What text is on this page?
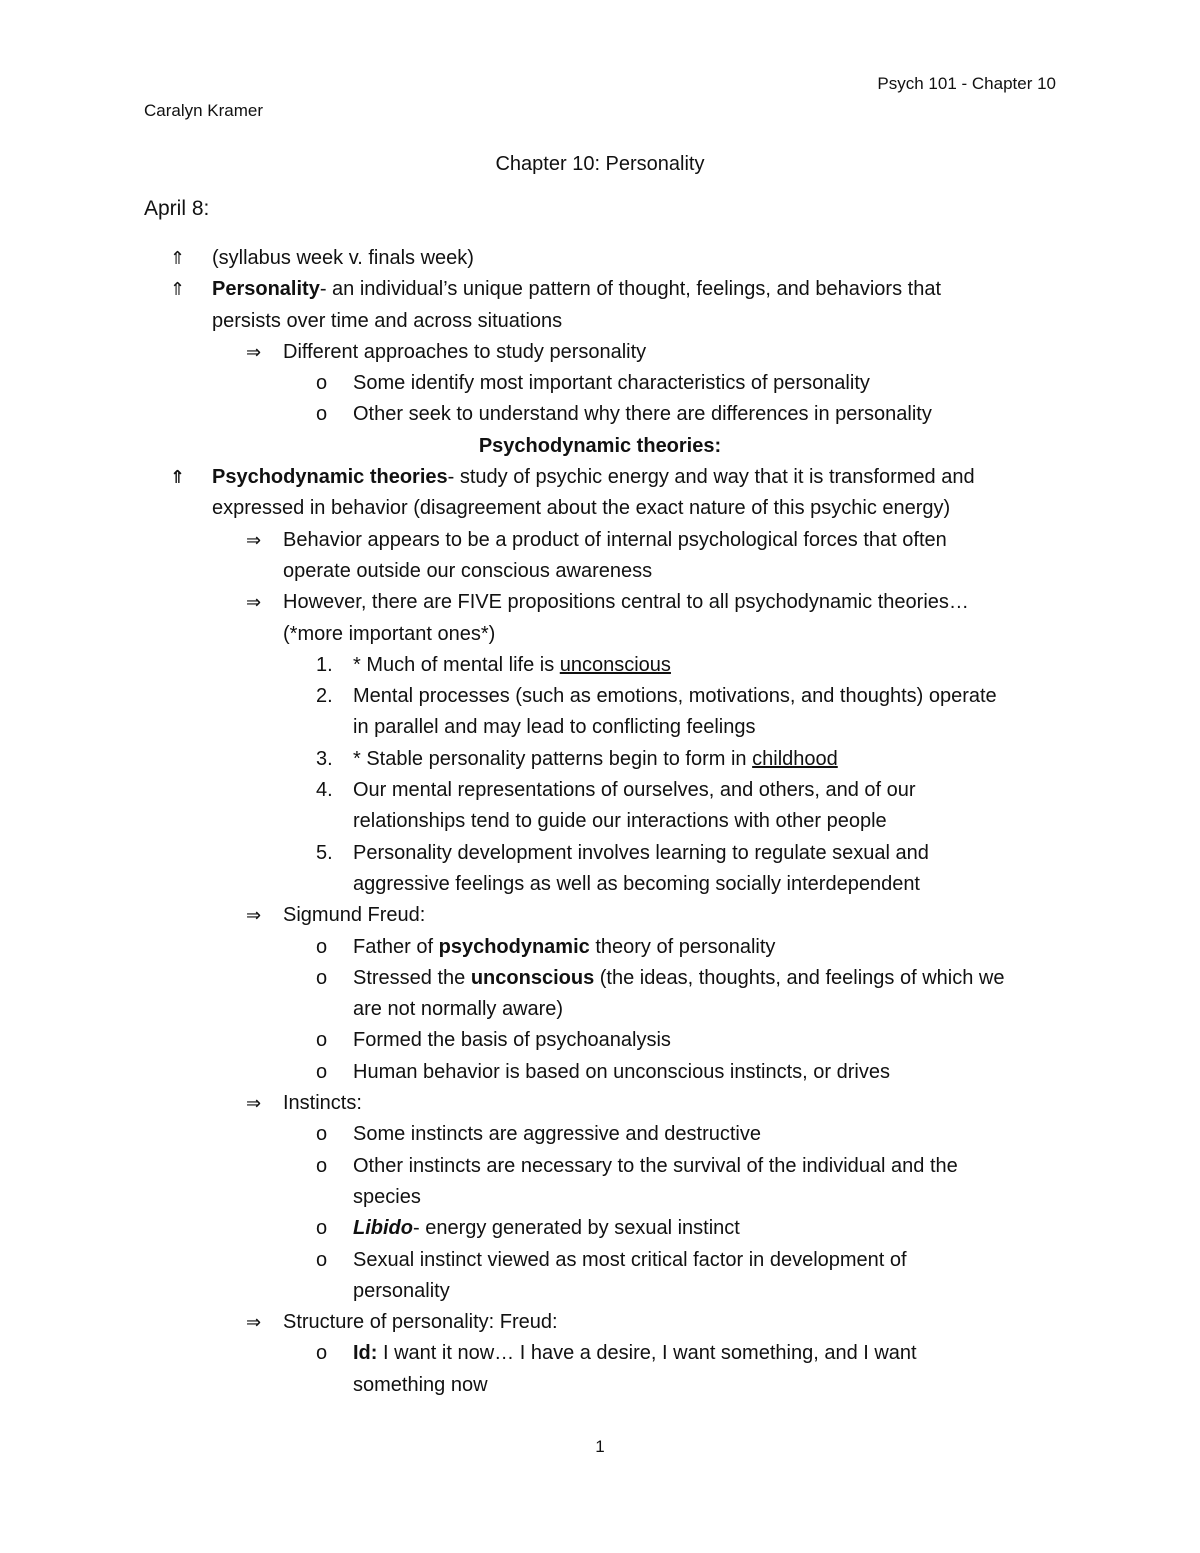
Psych 101 - Chapter 10
Caralyn Kramer
Chapter 10: Personality
April 8:
⇑ (syllabus week v. finals week)
⇑ Personality- an individual’s unique pattern of thought, feelings, and behaviors that
persists over time and across situations
⇒ Different approaches to study personality
o Some identify most important characteristics of personality
o Other seek to understand why there are differences in personality
Psychodynamic theories:
⇑ Psychodynamic theories- study of psychic energy and way that it is transformed and
expressed in behavior (disagreement about the exact nature of this psychic energy)
⇒ Behavior appears to be a product of internal psychological forces that often
operate outside our conscious awareness
⇒ However, there are FIVE propositions central to all psychodynamic theories…
(*more important ones*)
1. * Much of mental life is unconscious
2. Mental processes (such as emotions, motivations, and thoughts) operate
in parallel and may lead to conflicting feelings
3. * Stable personality patterns begin to form in childhood
4. Our mental representations of ourselves, and others, and of our
relationships tend to guide our interactions with other people
5. Personality development involves learning to regulate sexual and
aggressive feelings as well as becoming socially interdependent
⇒ Sigmund Freud:
o Father of psychodynamic theory of personality
o Stressed the unconscious (the ideas, thoughts, and feelings of which we
are not normally aware)
o Formed the basis of psychoanalysis
o Human behavior is based on unconscious instincts, or drives
⇒ Instincts:
o Some instincts are aggressive and destructive
o Other instincts are necessary to the survival of the individual and the
species
o Libido- energy generated by sexual instinct
o Sexual instinct viewed as most critical factor in development of
personality
⇒ Structure of personality: Freud:
o Id: I want it now… I have a desire, I want something, and I want
something now
1
